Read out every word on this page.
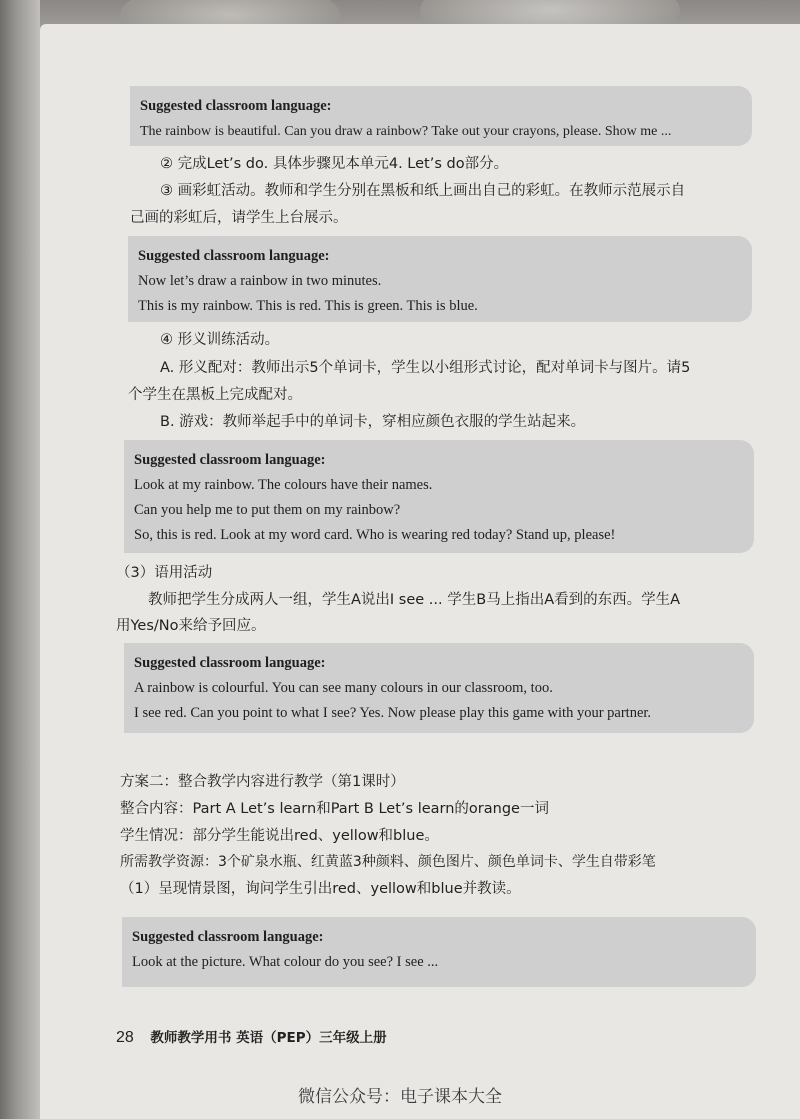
Suggested classroom language:
The rainbow is beautiful. Can you draw a rainbow? Take out your crayons, please. Show me ...
② 完成Let’s do. 具体步骤见本单元4. Let’s do部分。
③ 画彩虹活动。教师和学生分别在黑板和纸上画出自己的彩虹。在教师示范展示自
己画的彩虹后，请学生上台展示。
Suggested classroom language:
Now let’s draw a rainbow in two minutes.
This is my rainbow. This is red. This is green. This is blue.
④ 形义训练活动。
A. 形义配对：教师出示5个单词卡，学生以小组形式讨论，配对单词卡与图片。请5
个学生在黑板上完成配对。
B. 游戏：教师举起手中的单词卡，穿相应颜色衣服的学生站起来。
Suggested classroom language:
Look at my rainbow. The colours have their names.
Can you help me to put them on my rainbow?
So, this is red. Look at my word card. Who is wearing red today? Stand up, please!
（3）语用活动
教师把学生分成两人一组，学生A说出I see ... 学生B马上指出A看到的东西。学生A
用Yes/No来给予回应。
Suggested classroom language:
A rainbow is colourful. You can see many colours in our classroom, too.
I see red. Can you point to what I see? Yes. Now please play this game with your partner.
方案二：整合教学内容进行教学（第1课时）
整合内容：Part A Let’s learn和Part B Let’s learn的orange一词
学生情况：部分学生能说出red、yellow和blue。
所需教学资源：3个矿泉水瓶、红黄蓝3种颜料、颜色图片、颜色单词卡、学生自带彩笔
（1）呈现情景图，询问学生引出red、yellow和blue并教读。
Suggested classroom language:
Look at the picture. What colour do you see? I see ...
28 教师教学用书 英语（PEP）三年级上册
微信公众号：电子课本大全
